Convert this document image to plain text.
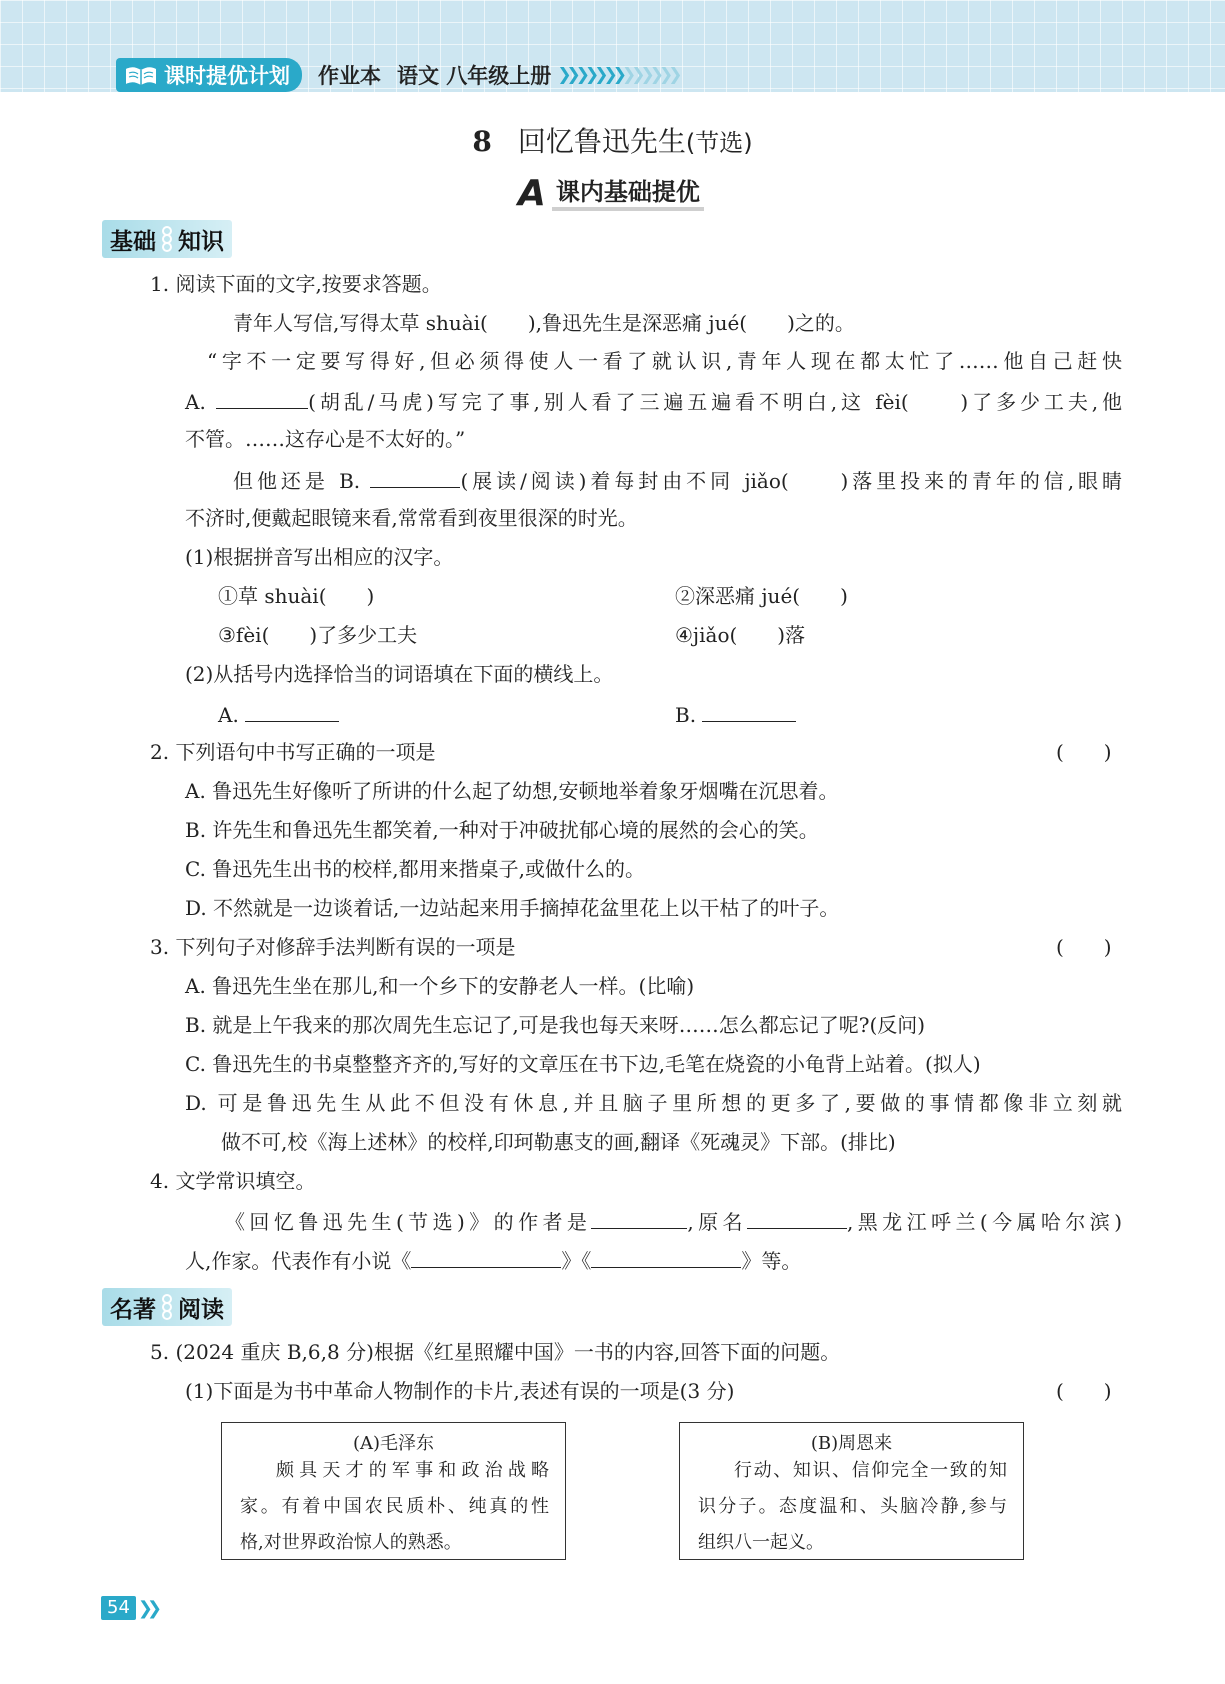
课时提优计划 作业本 语文 八年级上册 ❯❯❯❯❯❯❯❯❯❯❯❯❯
8 回忆鲁迅先生(节选)
A 课内基础提优
基础 知识
1. 阅读下面的文字,按要求答题。
青年人写信,写得太草 shuài(　　),鲁迅先生是深恶痛 jué(　　)之的。
“字不一定要写得好,但必须得使人一看了就认识,青年人现在都太忙了……他自己赶快
A.	(胡乱/马虎)写完了事,别人看了三遍五遍看不明白,这 fèi(　　)了多少工夫,他
不管。……这存心是不太好的。”
但他还是 B.	(展读/阅读)着每封由不同 jiǎo(　　)落里投来的青年的信,眼睛
不济时,便戴起眼镜来看,常常看到夜里很深的时光。
(1)根据拼音写出相应的汉字。
①草 shuài(　　)	②深恶痛 jué(　　)
③fèi(　　)了多少工夫	④jiǎo(　　)落
(2)从括号内选择恰当的词语填在下面的横线上。
A.	B.
2. 下列语句中书写正确的一项是	(　　)
A. 鲁迅先生好像听了所讲的什么起了幼想,安顿地举着象牙烟嘴在沉思着。
B. 许先生和鲁迅先生都笑着,一种对于冲破扰郁心境的展然的会心的笑。
C. 鲁迅先生出书的校样,都用来揩桌子,或做什么的。
D. 不然就是一边谈着话,一边站起来用手摘掉花盆里花上以干枯了的叶子。
3. 下列句子对修辞手法判断有误的一项是	(　　)
A. 鲁迅先生坐在那儿,和一个乡下的安静老人一样。(比喻)
B. 就是上午我来的那次周先生忘记了,可是我也每天来呀……怎么都忘记了呢?(反问)
C. 鲁迅先生的书桌整整齐齐的,写好的文章压在书下边,毛笔在烧瓷的小龟背上站着。(拟人)
D. 可是鲁迅先生从此不但没有休息,并且脑子里所想的更多了,要做的事情都像非立刻就
做不可,校《海上述林》的校样,印珂勒惠支的画,翻译《死魂灵》下部。(排比)
4. 文学常识填空。
《回忆鲁迅先生(节选)》的作者是	,原名	,黑龙江呼兰(今属哈尔滨)
人,作家。代表作有小说《	》《	》等。
名著 阅读
5. (2024 重庆 B,6,8 分)根据《红星照耀中国》一书的内容,回答下面的问题。
(1)下面是为书中革命人物制作的卡片,表述有误的一项是(3 分)	(　　)
(A)毛泽东
颇具天才的军事和政治战略
家。有着中国农民质朴、纯真的性
格,对世界政治惊人的熟悉。
(B)周恩来
行动、知识、信仰完全一致的知
识分子。态度温和、头脑冷静,参与
组织八一起义。
54 ❯❯
